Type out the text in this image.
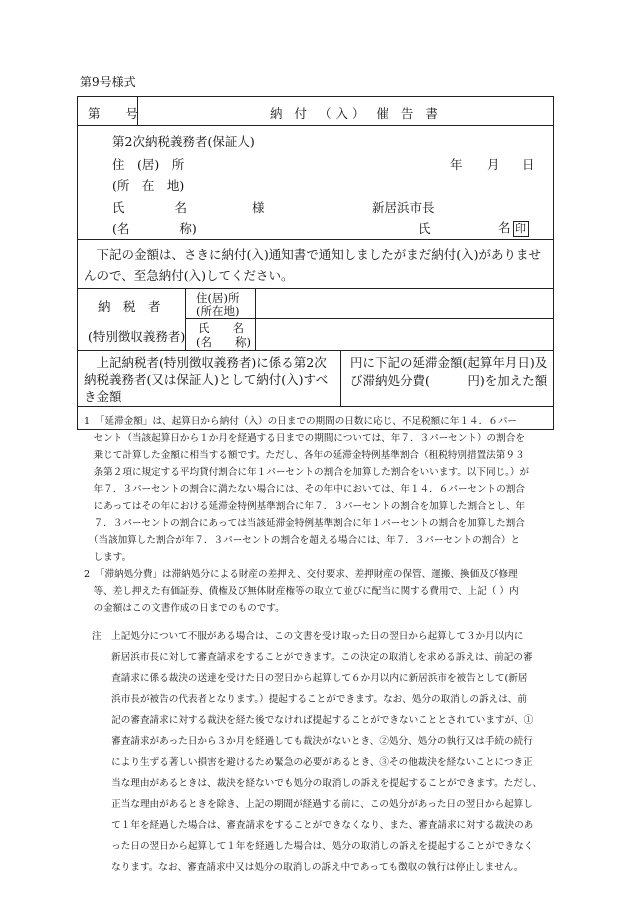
第9号様式
第　　号	納 付 （入） 催 告 書
第2次納税義務者(保証人)
住　(居)　所
(所　在　地)
氏　　　　名
(名　　　　称)
様
年 月 日
新居浜市長
氏	名 印
　下記の金額は、さきに納付(入)通知書で通知しましたがまだ納付(入)がありませんので、至急納付(入)してください。
納　税　者
(特別徴収義務者)
住(居)所
(所在地)
氏　　名
(名　　称)
　上記納税者(特別徴収義務者)に係る第2次納税義務者(又は保証人)として納付(入)すべき金額
円に下記の延滞金額(起算年月日)及び滞納処分費(　　　円)を加えた額
1　「延滞金額」は、起算日から納付（入）の日までの期間の日数に応じ、不足税額に年１４．６パー
　セント（当該起算日から１か月を経過する日までの期間については、年７．３パーセント）の割合を
　乗じて計算した金額に相当する額です。ただし、各年の延滞金特例基準割合（租税特別措置法第９３
　条第２項に規定する平均貸付割合に年１パーセントの割合を加算した割合をいいます。以下同じ。）が
　年７．３パーセントの割合に満たない場合には、その年中においては、年１４．６パーセントの割合
　にあってはその年における延滞金特例基準割合に年７．３パーセントの割合を加算した割合とし、年
　７．３パーセントの割合にあっては当該延滞金特例基準割合に年１パーセントの割合を加算した割合
　（当該加算した割合が年７．３パーセントの割合を超える場合には、年７．３パーセントの割合）と
　します。
2　「滞納処分費」は滞納処分による財産の差押え、交付要求、差押財産の保管、運搬、換価及び修理
　等、差し押えた有価証券、債権及び無体財産権等の取立て並びに配当に関する費用で、上記（ ）内
　の金額はこの文書作成の日までのものです。
注　上記処分について不服がある場合は、この文書を受け取った日の翌日から起算して３か月以内に
　　新居浜市長に対して審査請求をすることができます。この決定の取消しを求める訴えは、前記の審
　　査請求に係る裁決の送達を受けた日の翌日から起算して６か月以内に新居浜市を被告として(新居
　　浜市長が被告の代表者となります。）提起することができます。なお、処分の取消しの訴えは、前
　　記の審査請求に対する裁決を経た後でなければ提起することができないこととされていますが、①
　　審査請求があった日から３か月を経過しても裁決がないとき、②処分、処分の執行又は手続の続行
　　により生ずる著しい損害を避けるため緊急の必要があるとき、③その他裁決を経ないことにつき正
　　当な理由があるときは、裁決を経ないでも処分の取消しの訴えを提起することができます。ただし、
　　正当な理由があるときを除き、上記の期間が経過する前に、この処分があった日の翌日から起算し
　　て１年を経過した場合は、審査請求をすることができなくなり、また、審査請求に対する裁決のあ
　　った日の翌日から起算して１年を経過した場合は、処分の取消しの訴えを提起することができなく
　　なります。なお、審査請求中又は処分の取消しの訴え中であっても徴収の執行は停止しません。
